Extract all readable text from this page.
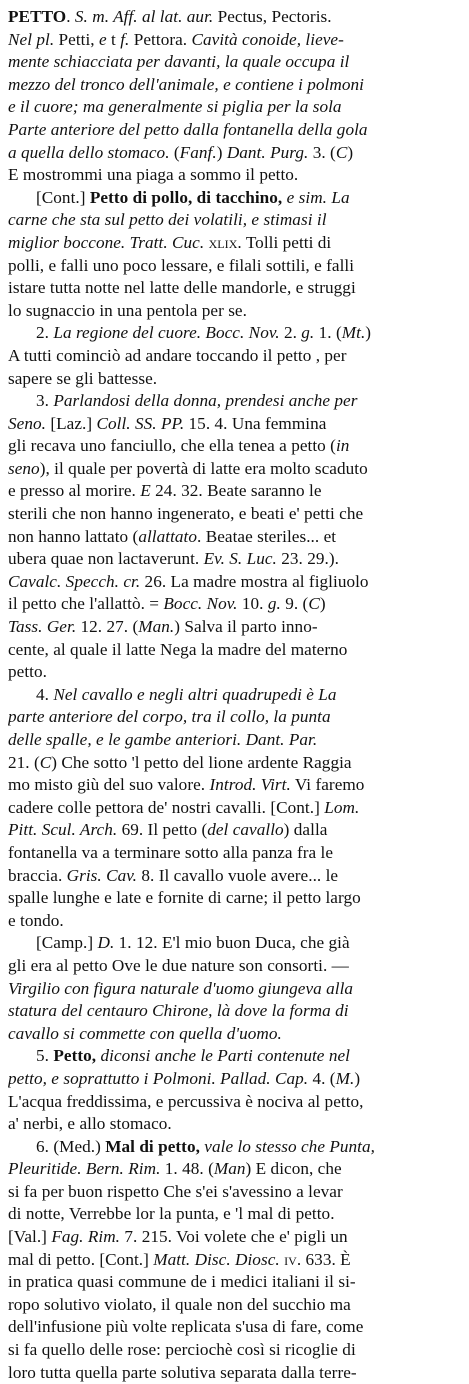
PETTO. S. m. Aff. al lat. aur. Pectus, Pectoris.
Nel pl. Petti, e t f. Pettora. Cavità conoide, lieve-
mente schiacciata per davanti, la quale occupa il
mezzo del tronco dell'animale, e contiene i polmoni
e il cuore; ma generalmente si piglia per la sola
Parte anteriore del petto dalla fontanella della gola
a quella dello stomaco. (Fanf.) Dant. Purg. 3. (C)
E mostrommi una piaga a sommo il petto.
[Cont.] Petto di pollo, di tacchino, e sim. La
carne che sta sul petto dei volatili, e stimasi il
miglior boccone. Tratt. Cuc. xlix. Tolli petti di
polli, e falli uno poco lessare, e filali sottili, e falli
istare tutta notte nel latte delle mandorle, e struggi
lo sugnaccio in una pentola per se.
2. La regione del cuore. Bocc. Nov. 2. g. 1. (Mt.)
A tutti cominciò ad andare toccando il petto , per
sapere se gli battesse.
3. Parlandosi della donna, prendesi anche per
Seno. [Laz.] Coll. SS. PP. 15. 4. Una femmina
gli recava uno fanciullo, che ella tenea a petto (in
seno), il quale per povertà di latte era molto scaduto
e presso al morire. E 24. 32. Beate saranno le
sterili che non hanno ingenerato, e beati e' petti che
non hanno lattato (allattato. Beatae steriles... et
ubera quae non lactaverunt. Ev. S. Luc. 23. 29.).
Cavalc. Specch. cr. 26. La madre mostra al figliuolo
il petto che l'allattò. = Bocc. Nov. 10. g. 9. (C)
Tass. Ger. 12. 27. (Man.) Salva il parto inno-
cente, al quale il latte Nega la madre del materno
petto.
4. Nel cavallo e negli altri quadrupedi è La
parte anteriore del corpo, tra il collo, la punta
delle spalle, e le gambe anteriori. Dant. Par.
21. (C) Che sotto 'l petto del lione ardente Raggia
mo misto giù del suo valore. Introd. Virt. Vi faremo
cadere colle pettora de' nostri cavalli. [Cont.] Lom.
Pitt. Scul. Arch. 69. Il petto (del cavallo) dalla
fontanella va a terminare sotto alla panza fra le
braccia. Gris. Cav. 8. Il cavallo vuole avere... le
spalle lunghe e late e fornite di carne; il petto largo
e tondo.
[Camp.] D. 1. 12. E'l mio buon Duca, che già
gli era al petto Ove le due nature son consorti. —
Virgilio con figura naturale d'uomo giungeva alla
statura del centauro Chirone, là dove la forma di
cavallo si commette con quella d'uomo.
5. Petto, diconsi anche le Parti contenute nel
petto, e soprattutto i Polmoni. Pallad. Cap. 4. (M.)
L'acqua freddissima, e percussiva è nociva al petto,
a' nerbi, e allo stomaco.
6. (Med.) Mal di petto, vale lo stesso che Punta,
Pleuritide. Bern. Rim. 1. 48. (Man) E dicon, che
si fa per buon rispetto Che s'ei s'avessino a levar
di notte, Verrebbe lor la punta, e 'l mal di petto.
[Val.] Fag. Rim. 7. 215. Voi volete che e' pigli un
mal di petto. [Cont.] Matt. Disc. Diosc. iv. 633. È
in pratica quasi commune de i medici italiani il si-
ropo solutivo violato, il quale non del succhio ma
dell'infusione più volte replicata s'usa di fare, come
si fa quello delle rose: perciochè così si ricoglie di
loro tutta quella parte solutiva separata dalla terre-
